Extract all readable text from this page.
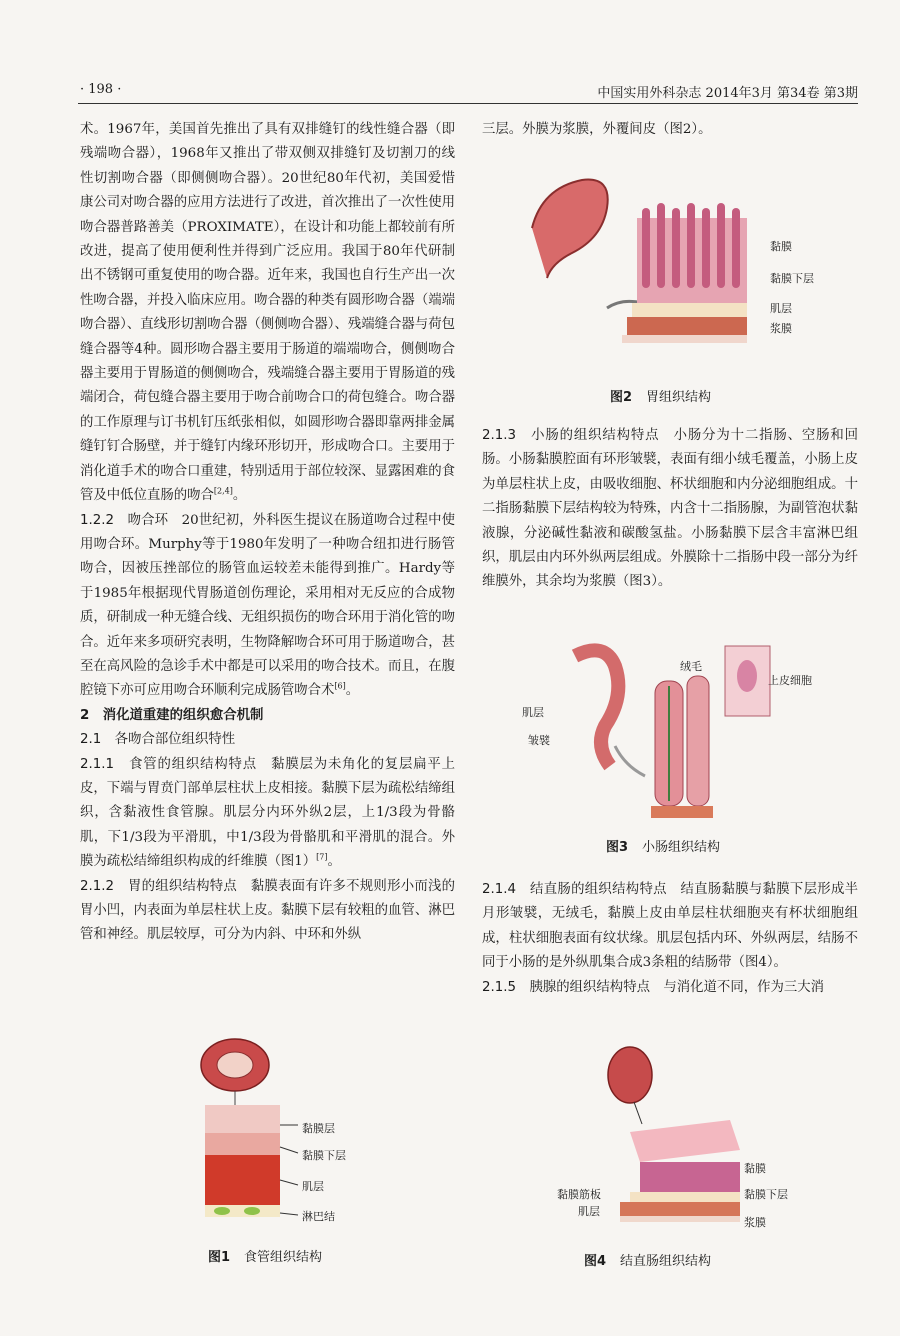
· 198 ·	中国实用外科杂志 2014年3月 第34卷 第3期

术。1967年，美国首先推出了具有双排缝钉的线性缝合器（即残端吻合器），1968年又推出了带双侧双排缝钉及切割刀的线性切割吻合器（即侧侧吻合器）。20世纪80年代初，美国爱惜康公司对吻合器的应用方法进行了改进，首次推出了一次性使用吻合器普路善美（PROXIMATE），在设计和功能上都较前有所改进，提高了使用便利性并得到广泛应用。我国于80年代研制出不锈钢可重复使用的吻合器。近年来，我国也自行生产出一次性吻合器，并投入临床应用。吻合器的种类有圆形吻合器（端端吻合器）、直线形切割吻合器（侧侧吻合器）、残端缝合器与荷包缝合器等4种。圆形吻合器主要用于肠道的端端吻合，侧侧吻合器主要用于胃肠道的侧侧吻合，残端缝合器主要用于胃肠道的残端闭合，荷包缝合器主要用于吻合前吻合口的荷包缝合。吻合器的工作原理与订书机钉压纸张相似，如圆形吻合器即靠两排金属缝钉钉合肠壁，并于缝钉内缘环形切开，形成吻合口。主要用于消化道手术的吻合口重建，特别适用于部位较深、显露困难的食管及中低位直肠的吻合[2,4]。

1.2.2　吻合环　 20世纪初，外科医生提议在肠道吻合过程中使用吻合环。Murphy等于1980年发明了一种吻合纽扣进行肠管吻合，因被压挫部位的肠管血运较差未能得到推广。Hardy等于1985年根据现代胃肠道创伤理论，采用相对无反应的合成物质，研制成一种无缝合线、无组织损伤的吻合环用于消化管的吻合。近年来多项研究表明，生物降解吻合环可用于肠道吻合，甚至在高风险的急诊手术中都是可以采用的吻合技术。而且，在腹腔镜下亦可应用吻合环顺利完成肠管吻合术[6]。

2　消化道重建的组织愈合机制

2.1　各吻合部位组织特性

2.1.1　食管的组织结构特点　 黏膜层为未角化的复层扁平上皮，下端与胃贲门部单层柱状上皮相接。黏膜下层为疏松结缔组织，含黏液性食管腺。肌层分内环外纵2层，上1/3段为骨骼肌，下1/3段为平滑肌，中1/3段为骨骼肌和平滑肌的混合。外膜为疏松结缔组织构成的纤维膜（图1）[7]。

2.1.2　胃的组织结构特点　 黏膜表面有许多不规则形小而浅的胃小凹，内表面为单层柱状上皮。黏膜下层有较粗的血管、淋巴管和神经。肌层较厚，可分为内斜、中环和外纵

黏膜层
黏膜下层
肌层
淋巴结
图1 食管组织结构

三层。外膜为浆膜，外覆间皮（图2）。

黏膜
黏膜下层
肌层
浆膜
图2 胃组织结构

2.1.3　小肠的组织结构特点　 小肠分为十二指肠、空肠和回肠。小肠黏膜腔面有环形皱襞，表面有细小绒毛覆盖，小肠上皮为单层柱状上皮，由吸收细胞、杯状细胞和内分泌细胞组成。十二指肠黏膜下层结构较为特殊，内含十二指肠腺，为副管泡状黏液腺，分泌碱性黏液和碳酸氢盐。小肠黏膜下层含丰富淋巴组织，肌层由内环外纵两层组成。外膜除十二指肠中段一部分为纤维膜外，其余均为浆膜（图3）。

绒毛
上皮细胞
肌层
皱襞
图3 小肠组织结构

2.1.4　结直肠的组织结构特点　 结直肠黏膜与黏膜下层形成半月形皱襞，无绒毛，黏膜上皮由单层柱状细胞夹有杯状细胞组成，柱状细胞表面有纹状缘。肌层包括内环、外纵两层，结肠不同于小肠的是外纵肌集合成3条粗的结肠带（图4）。

2.1.5　胰腺的组织结构特点　 与消化道不同，作为三大消

黏膜
黏膜筋板	黏膜下层
肌层
浆膜
图4 结直肠组织结构
